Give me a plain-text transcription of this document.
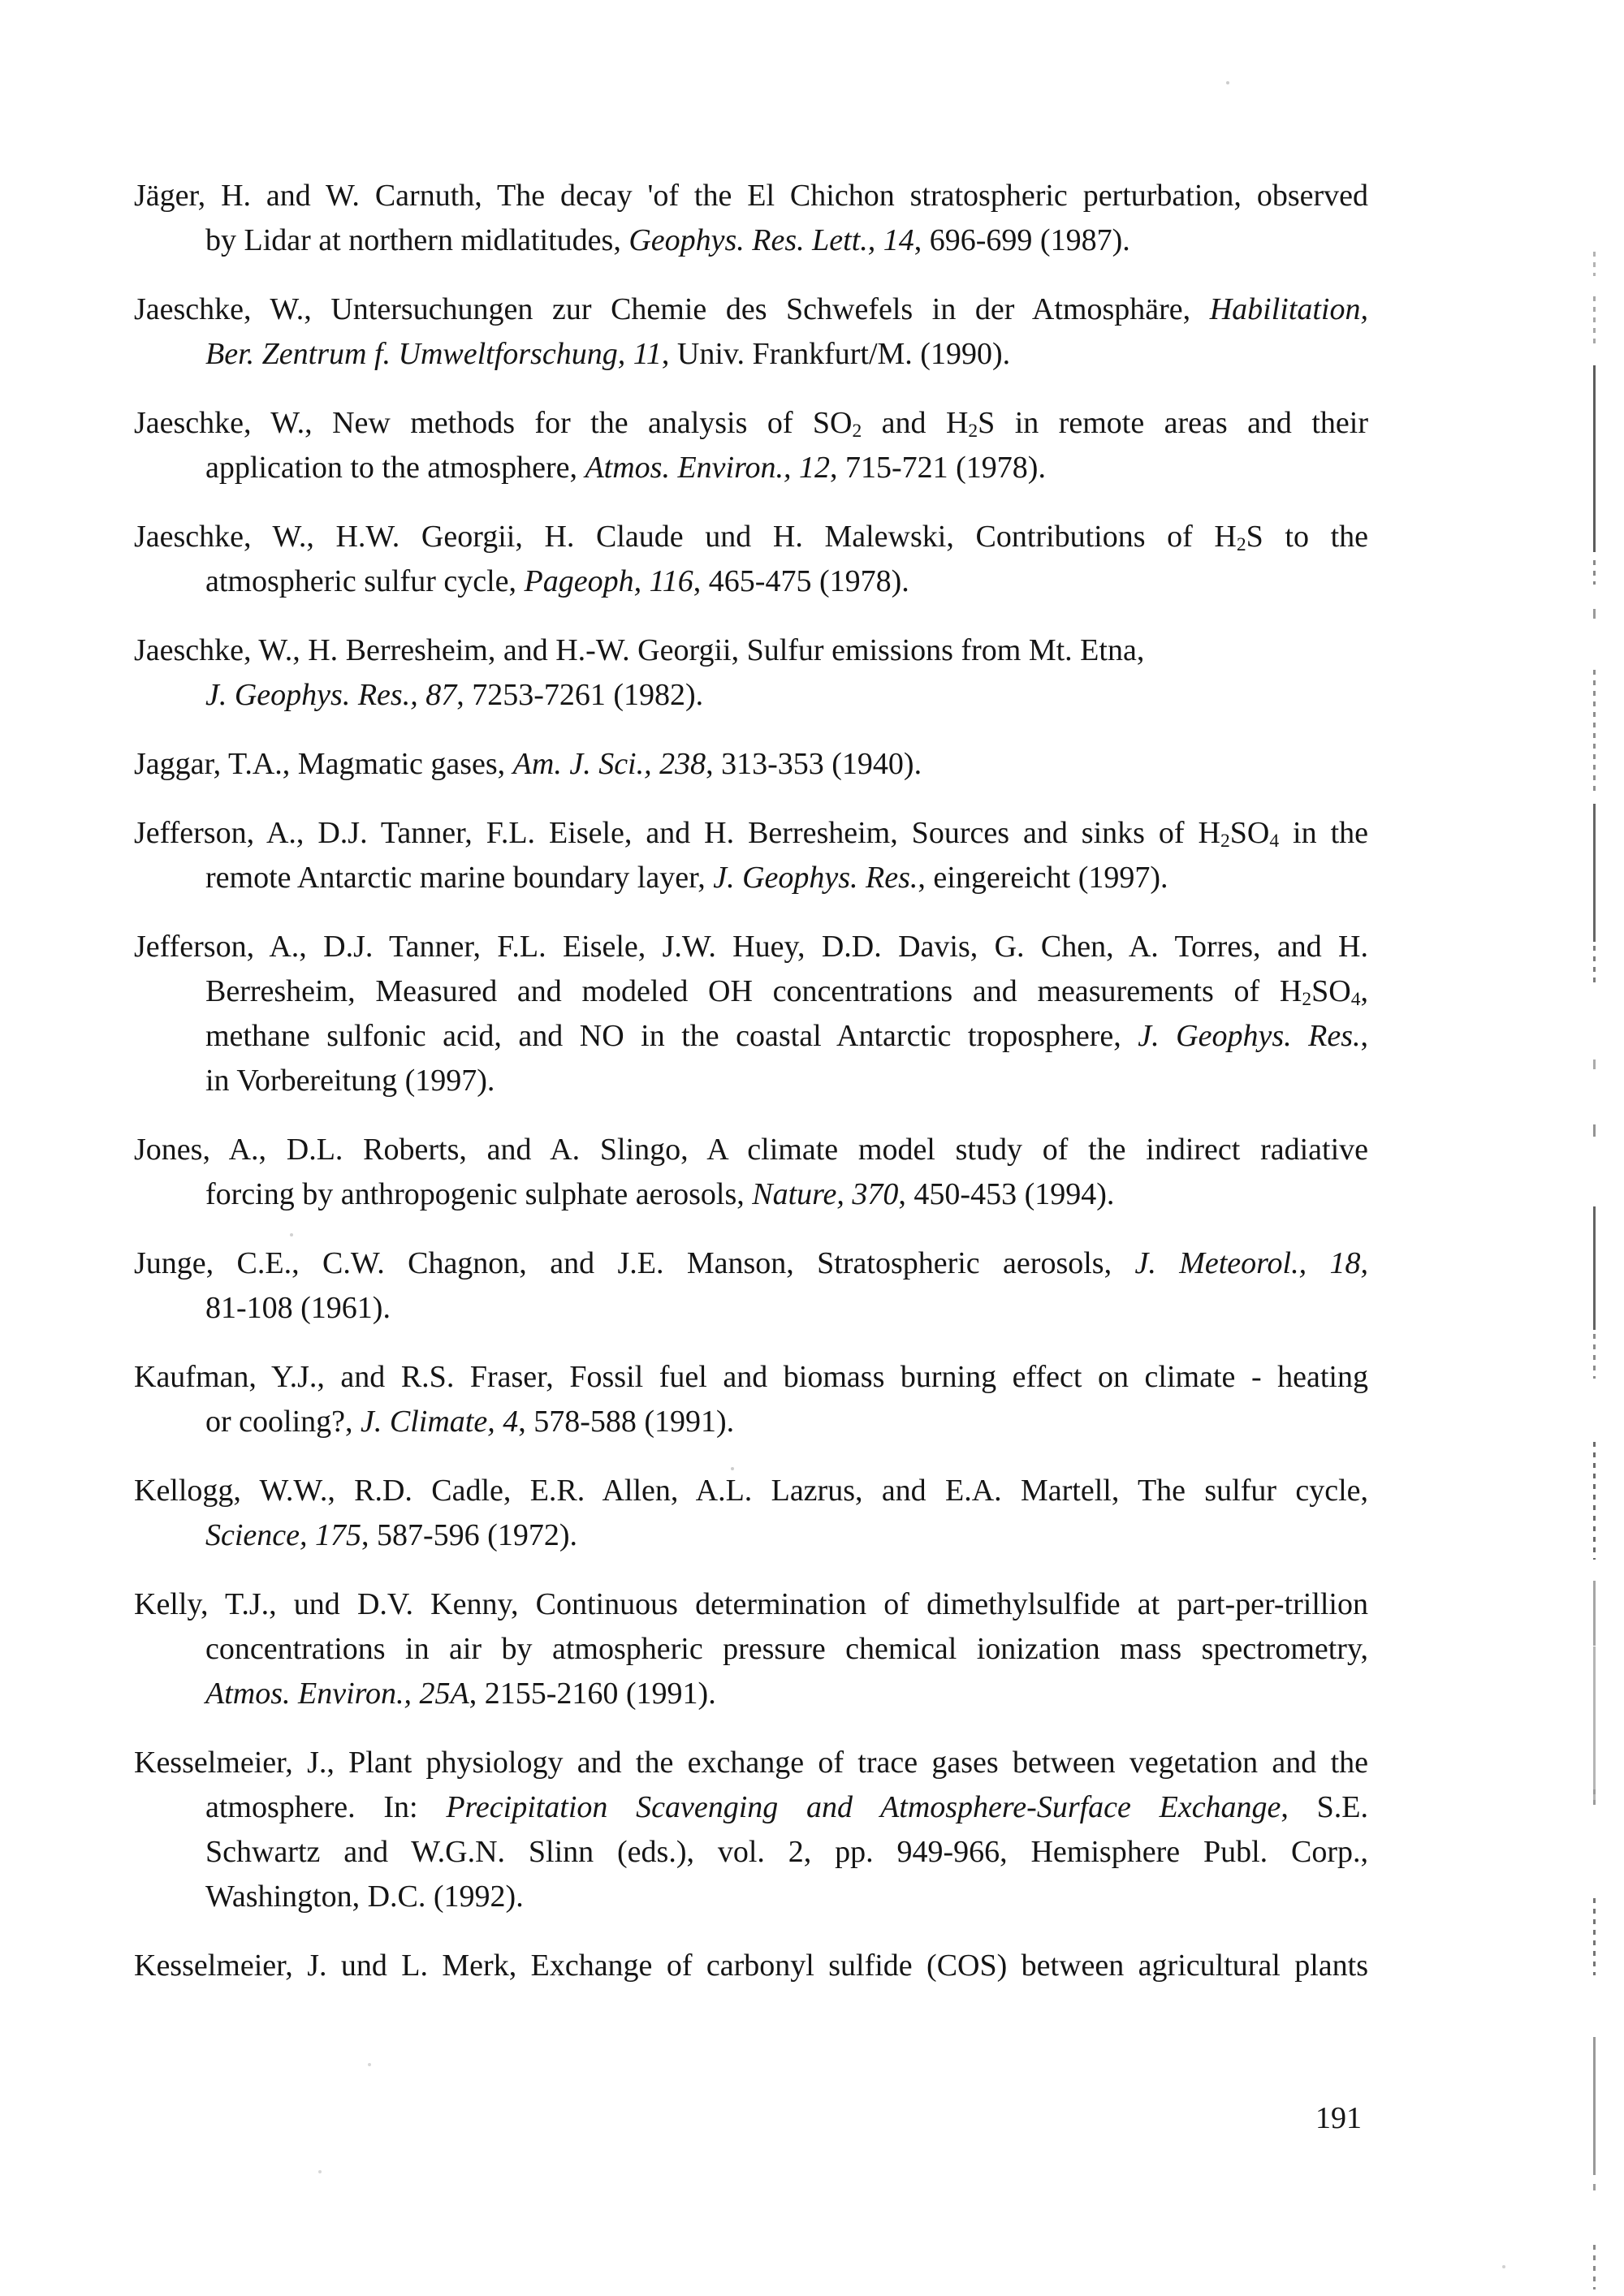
Jäger, H. and W. Carnuth, The decay 'of the El Chichon stratospheric perturbation, observed
by Lidar at northern midlatitudes, Geophys. Res. Lett., 14, 696-699 (1987).
Jaeschke, W., Untersuchungen zur Chemie des Schwefels in der Atmosphäre, Habilitation,
Ber. Zentrum f. Umweltforschung, 11, Univ. Frankfurt/M. (1990).
Jaeschke, W., New methods for the analysis of SO2 and H2S in remote areas and their
application to the atmosphere, Atmos. Environ., 12, 715-721 (1978).
Jaeschke, W., H.W. Georgii, H. Claude und H. Malewski, Contributions of H2S to the
atmospheric sulfur cycle, Pageoph, 116, 465-475 (1978).
Jaeschke, W., H. Berresheim, and H.-W. Georgii, Sulfur emissions from Mt. Etna,
J. Geophys. Res., 87, 7253-7261 (1982).
Jaggar, T.A., Magmatic gases, Am. J. Sci., 238, 313-353 (1940).
Jefferson, A., D.J. Tanner, F.L. Eisele, and H. Berresheim, Sources and sinks of H2SO4 in the
remote Antarctic marine boundary layer, J. Geophys. Res., eingereicht (1997).
Jefferson, A., D.J. Tanner, F.L. Eisele, J.W. Huey, D.D. Davis, G. Chen, A. Torres, and H.
Berresheim, Measured and modeled OH concentrations and measurements of H2SO4,
methane sulfonic acid, and NO in the coastal Antarctic troposphere, J. Geophys. Res.,
in Vorbereitung (1997).
Jones, A., D.L. Roberts, and A. Slingo, A climate model study of the indirect radiative
forcing by anthropogenic sulphate aerosols, Nature, 370, 450-453 (1994).
Junge, C.E., C.W. Chagnon, and J.E. Manson, Stratospheric aerosols, J. Meteorol., 18,
81-108 (1961).
Kaufman, Y.J., and R.S. Fraser, Fossil fuel and biomass burning effect on climate - heating
or cooling?, J. Climate, 4, 578-588 (1991).
Kellogg, W.W., R.D. Cadle, E.R. Allen, A.L. Lazrus, and E.A. Martell, The sulfur cycle,
Science, 175, 587-596 (1972).
Kelly, T.J., und D.V. Kenny, Continuous determination of dimethylsulfide at part-per-trillion
concentrations in air by atmospheric pressure chemical ionization mass spectrometry,
Atmos. Environ., 25A, 2155-2160 (1991).
Kesselmeier, J., Plant physiology and the exchange of trace gases between vegetation and the
atmosphere. In: Precipitation Scavenging and Atmosphere-Surface Exchange, S.E.
Schwartz and W.G.N. Slinn (eds.), vol. 2, pp. 949-966, Hemisphere Publ. Corp.,
Washington, D.C. (1992).
Kesselmeier, J. und L. Merk, Exchange of carbonyl sulfide (COS) between agricultural plants
191
